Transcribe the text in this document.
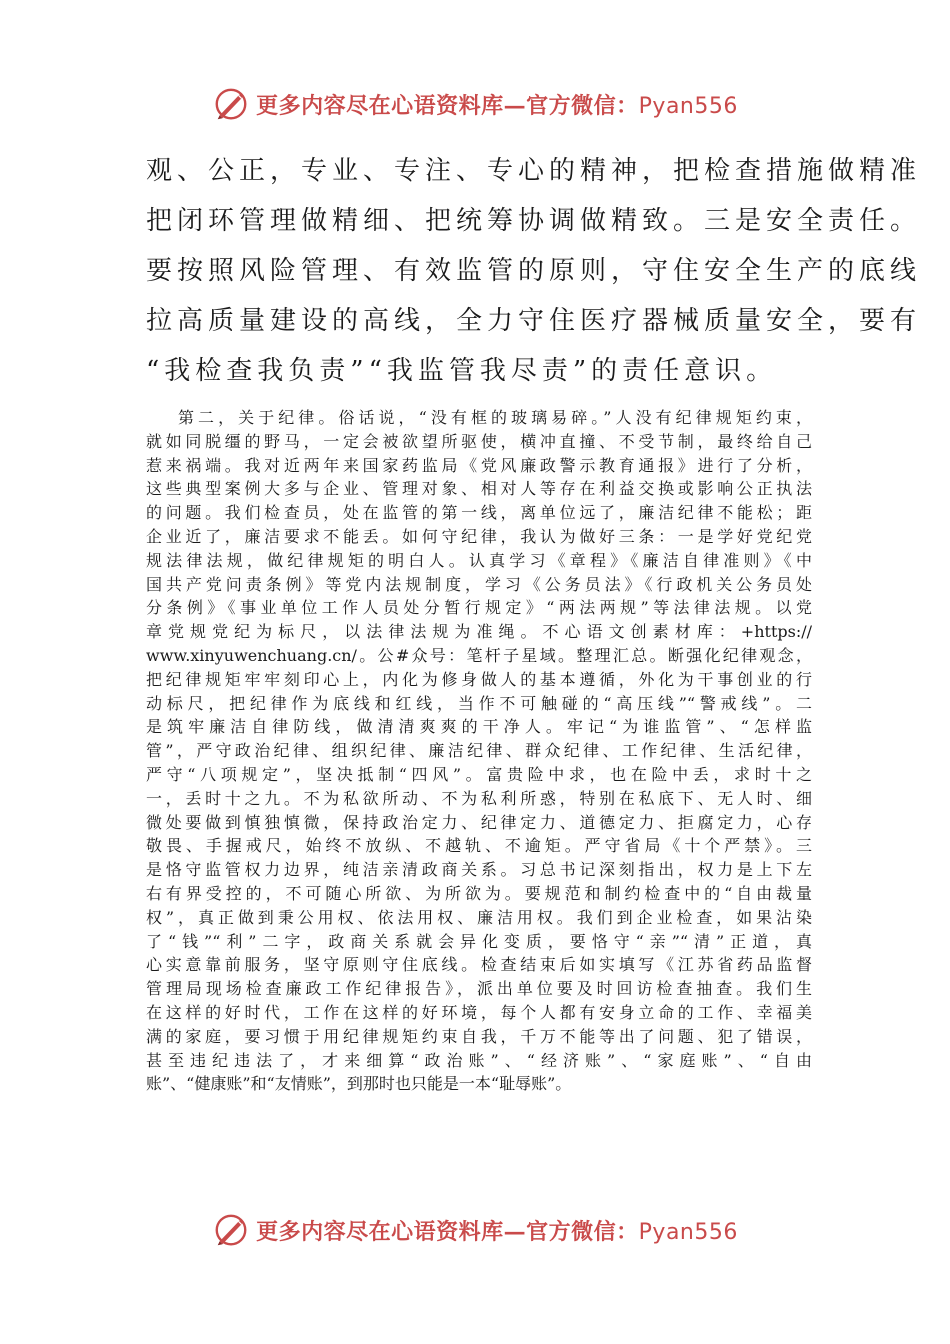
更多内容尽在心语资料库—官方微信：Pyan556
观、公正，专业、专注、专心的精神，把检查措施做精准
把闭环管理做精细、把统筹协调做精致。三是安全责任。
要按照风险管理、有效监管的原则，守住安全生产的底线
拉高质量建设的高线，全力守住医疗器械质量安全，要有
“我检查我负责”“我监管我尽责”的责任意识。
第二，关于纪律。俗话说，“没有框的玻璃易碎。”人没有纪律规矩约束，
就如同脱缰的野马，一定会被欲望所驱使，横冲直撞、不受节制，最终给自己
惹来祸端。我对近两年来国家药监局《党风廉政警示教育通报》进行了分析，
这些典型案例大多与企业、管理对象、相对人等存在利益交换或影响公正执法
的问题。我们检查员，处在监管的第一线，离单位远了，廉洁纪律不能松；距
企业近了，廉洁要求不能丢。如何守纪律，我认为做好三条：一是学好党纪党
规法律法规，做纪律规矩的明白人。认真学习《章程》《廉洁自律准则》《中
国共产党问责条例》等党内法规制度，学习《公务员法》《行政机关公务员处
分条例》《事业单位工作人员处分暂行规定》“两法两规”等法律法规。以党
章党规党纪为标尺，以法律法规为准绳。不心语文创素材库：+https://
www.xinyuwenchuang.cn/。公#众号：笔杆子星域。整理汇总。断强化纪律观念，
把纪律规矩牢牢刻印心上，内化为修身做人的基本遵循，外化为干事创业的行
动标尺，把纪律作为底线和红线，当作不可触碰的“高压线”“警戒线”。二
是筑牢廉洁自律防线，做清清爽爽的干净人。牢记“为谁监管”、“怎样监
管”，严守政治纪律、组织纪律、廉洁纪律、群众纪律、工作纪律、生活纪律，
严守“八项规定”，坚决抵制“四风”。富贵险中求，也在险中丢，求时十之
一，丢时十之九。不为私欲所动、不为私利所惑，特别在私底下、无人时、细
微处要做到慎独慎微，保持政治定力、纪律定力、道德定力、拒腐定力，心存
敬畏、手握戒尺，始终不放纵、不越轨、不逾矩。严守省局《十个严禁》。三
是恪守监管权力边界，纯洁亲清政商关系。习总书记深刻指出，权力是上下左
右有界受控的，不可随心所欲、为所欲为。要规范和制约检查中的“自由裁量
权”，真正做到秉公用权、依法用权、廉洁用权。我们到企业检查，如果沾染
了“钱”“利”二字，政商关系就会异化变质，要恪守“亲”“清”正道，真
心实意靠前服务，坚守原则守住底线。检查结束后如实填写《江苏省药品监督
管理局现场检查廉政工作纪律报告》，派出单位要及时回访检查抽查。我们生
在这样的好时代，工作在这样的好环境，每个人都有安身立命的工作、幸福美
满的家庭，要习惯于用纪律规矩约束自我，千万不能等出了问题、犯了错误，
甚至违纪违法了，才来细算“政治账”、“经济账”、“家庭账”、“自由
账”、“健康账”和“友情账”，到那时也只能是一本“耻辱账”。
更多内容尽在心语资料库—官方微信：Pyan556
